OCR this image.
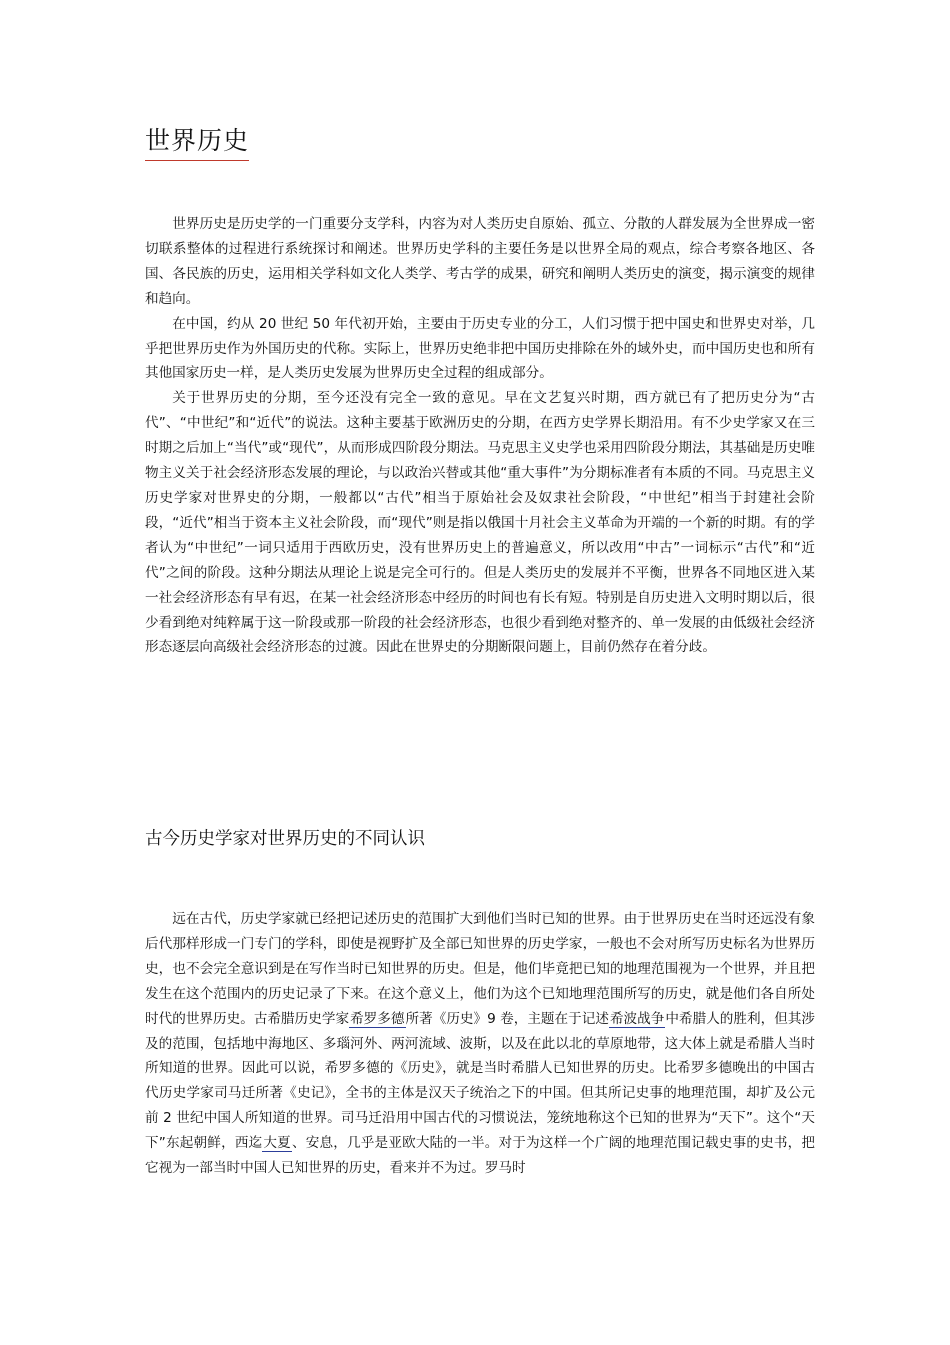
世界历史

世界历史是历史学的一门重要分支学科，内容为对人类历史自原始、孤立、分散的人群发展为全世界成一密切联系整体的过程进行系统探讨和阐述。世界历史学科的主要任务是以世界全局的观点，综合考察各地区、各国、各民族的历史，运用相关学科如文化人类学、考古学的成果，研究和阐明人类历史的演变，揭示演变的规律和趋向。

在中国，约从 20 世纪 50 年代初开始，主要由于历史专业的分工，人们习惯于把中国史和世界史对举，几乎把世界历史作为外国历史的代称。实际上，世界历史绝非把中国历史排除在外的域外史，而中国历史也和所有其他国家历史一样，是人类历史发展为世界历史全过程的组成部分。

关于世界历史的分期，至今还没有完全一致的意见。早在文艺复兴时期，西方就已有了把历史分为“古代”、“中世纪”和“近代”的说法。这种主要基于欧洲历史的分期，在西方史学界长期沿用。有不少史学家又在三时期之后加上“当代”或“现代”，从而形成四阶段分期法。马克思主义史学也采用四阶段分期法，其基础是历史唯物主义关于社会经济形态发展的理论，与以政治兴替或其他“重大事件”为分期标准者有本质的不同。马克思主义历史学家对世界史的分期，一般都以“古代”相当于原始社会及奴隶社会阶段，“中世纪”相当于封建社会阶段，“近代”相当于资本主义社会阶段，而“现代”则是指以俄国十月社会主义革命为开端的一个新的时期。有的学者认为“中世纪”一词只适用于西欧历史，没有世界历史上的普遍意义，所以改用“中古”一词标示“古代”和“近代”之间的阶段。这种分期法从理论上说是完全可行的。但是人类历史的发展并不平衡，世界各不同地区进入某一社会经济形态有早有迟，在某一社会经济形态中经历的时间也有长有短。特别是自历史进入文明时期以后，很少看到绝对纯粹属于这一阶段或那一阶段的社会经济形态，也很少看到绝对整齐的、单一发展的由低级社会经济形态逐层向高级社会经济形态的过渡。因此在世界史的分期断限问题上，目前仍然存在着分歧。

古今历史学家对世界历史的不同认识

远在古代，历史学家就已经把记述历史的范围扩大到他们当时已知的世界。由于世界历史在当时还远没有象后代那样形成一门专门的学科，即使是视野扩及全部已知世界的历史学家，一般也不会对所写历史标名为世界历史，也不会完全意识到是在写作当时已知世界的历史。但是，他们毕竟把已知的地理范围视为一个世界，并且把发生在这个范围内的历史记录了下来。在这个意义上，他们为这个已知地理范围所写的历史，就是他们各自所处时代的世界历史。古希腊历史学家希罗多德所著《历史》9 卷，主题在于记述希波战争中希腊人的胜利，但其涉及的范围，包括地中海地区、多瑙河外、两河流域、波斯，以及在此以北的草原地带，这大体上就是希腊人当时所知道的世界。因此可以说，希罗多德的《历史》，就是当时希腊人已知世界的历史。比希罗多德晚出的中国古代历史学家司马迁所著《史记》，全书的主体是汉天子统治之下的中国。但其所记史事的地理范围，却扩及公元前 2 世纪中国人所知道的世界。司马迁沿用中国古代的习惯说法，笼统地称这个已知的世界为“天下”。这个“天下”东起朝鲜，西迄大夏、安息，几乎是亚欧大陆的一半。对于为这样一个广阔的地理范围记载史事的史书，把它视为一部当时中国人已知世界的历史，看来并不为过。罗马时
